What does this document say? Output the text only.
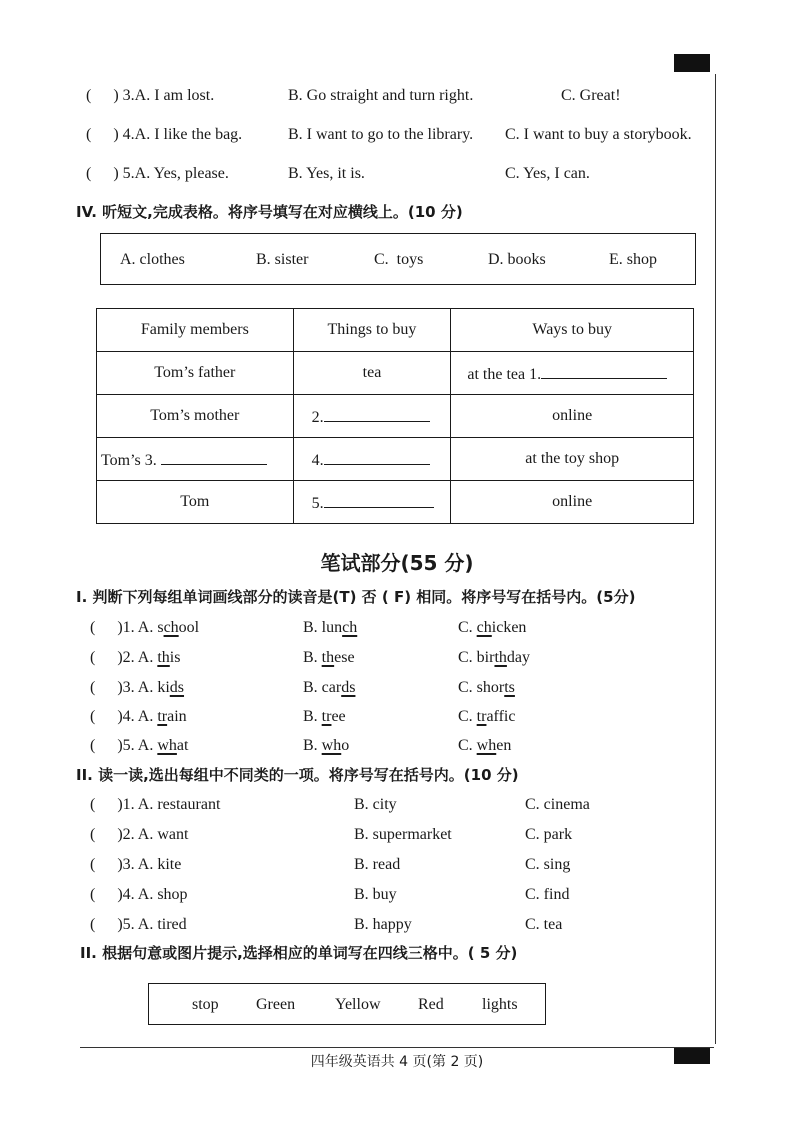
( ) 3.A. I am lost.	B. Go straight and turn right.	C. Great!
( ) 4.A. I like the bag.	B. I want to go to the library. C. I want to buy a storybook.
( ) 5.A. Yes, please.	B. Yes, it is.	C. Yes, I can.
IV. 听短文,完成表格。将序号填写在对应横线上。(10 分)
A. clothes	B. sister	C.  toys	D. books	E. shop
Family members	Things to buy	Ways to buy
Tom’s father	tea	at the tea 1.
Tom’s mother	2.	online
Tom’s 3.	4.	at the toy shop
Tom	5.	online
笔试部分(55 分)
I. 判断下列每组单词画线部分的读音是(T) 否 ( F) 相同。将序号写在括号内。(5分)
( )1. A. school	B. lunch	C. chicken
( )2. A. this	B. these	C. birthday
( )3. A. kids	B. cards	C. shorts
( )4. A. train	B. tree	C. traffic
( )5. A. what	B. who	C. when
II. 读一读,选出每组中不同类的一项。将序号写在括号内。(10 分)
( )1. A. restaurant	B. city	C. cinema
( )2. A. want	B. supermarket	C. park
( )3. A. kite	B. read	C. sing
( )4. A. shop	B. buy	C. find
( )5. A. tired	B. happy	C. tea
II. 根据句意或图片提示,选择相应的单词写在四线三格中。( 5 分)
stop Green Yellow Red lights
四年级英语共 4 页(第 2 页)
